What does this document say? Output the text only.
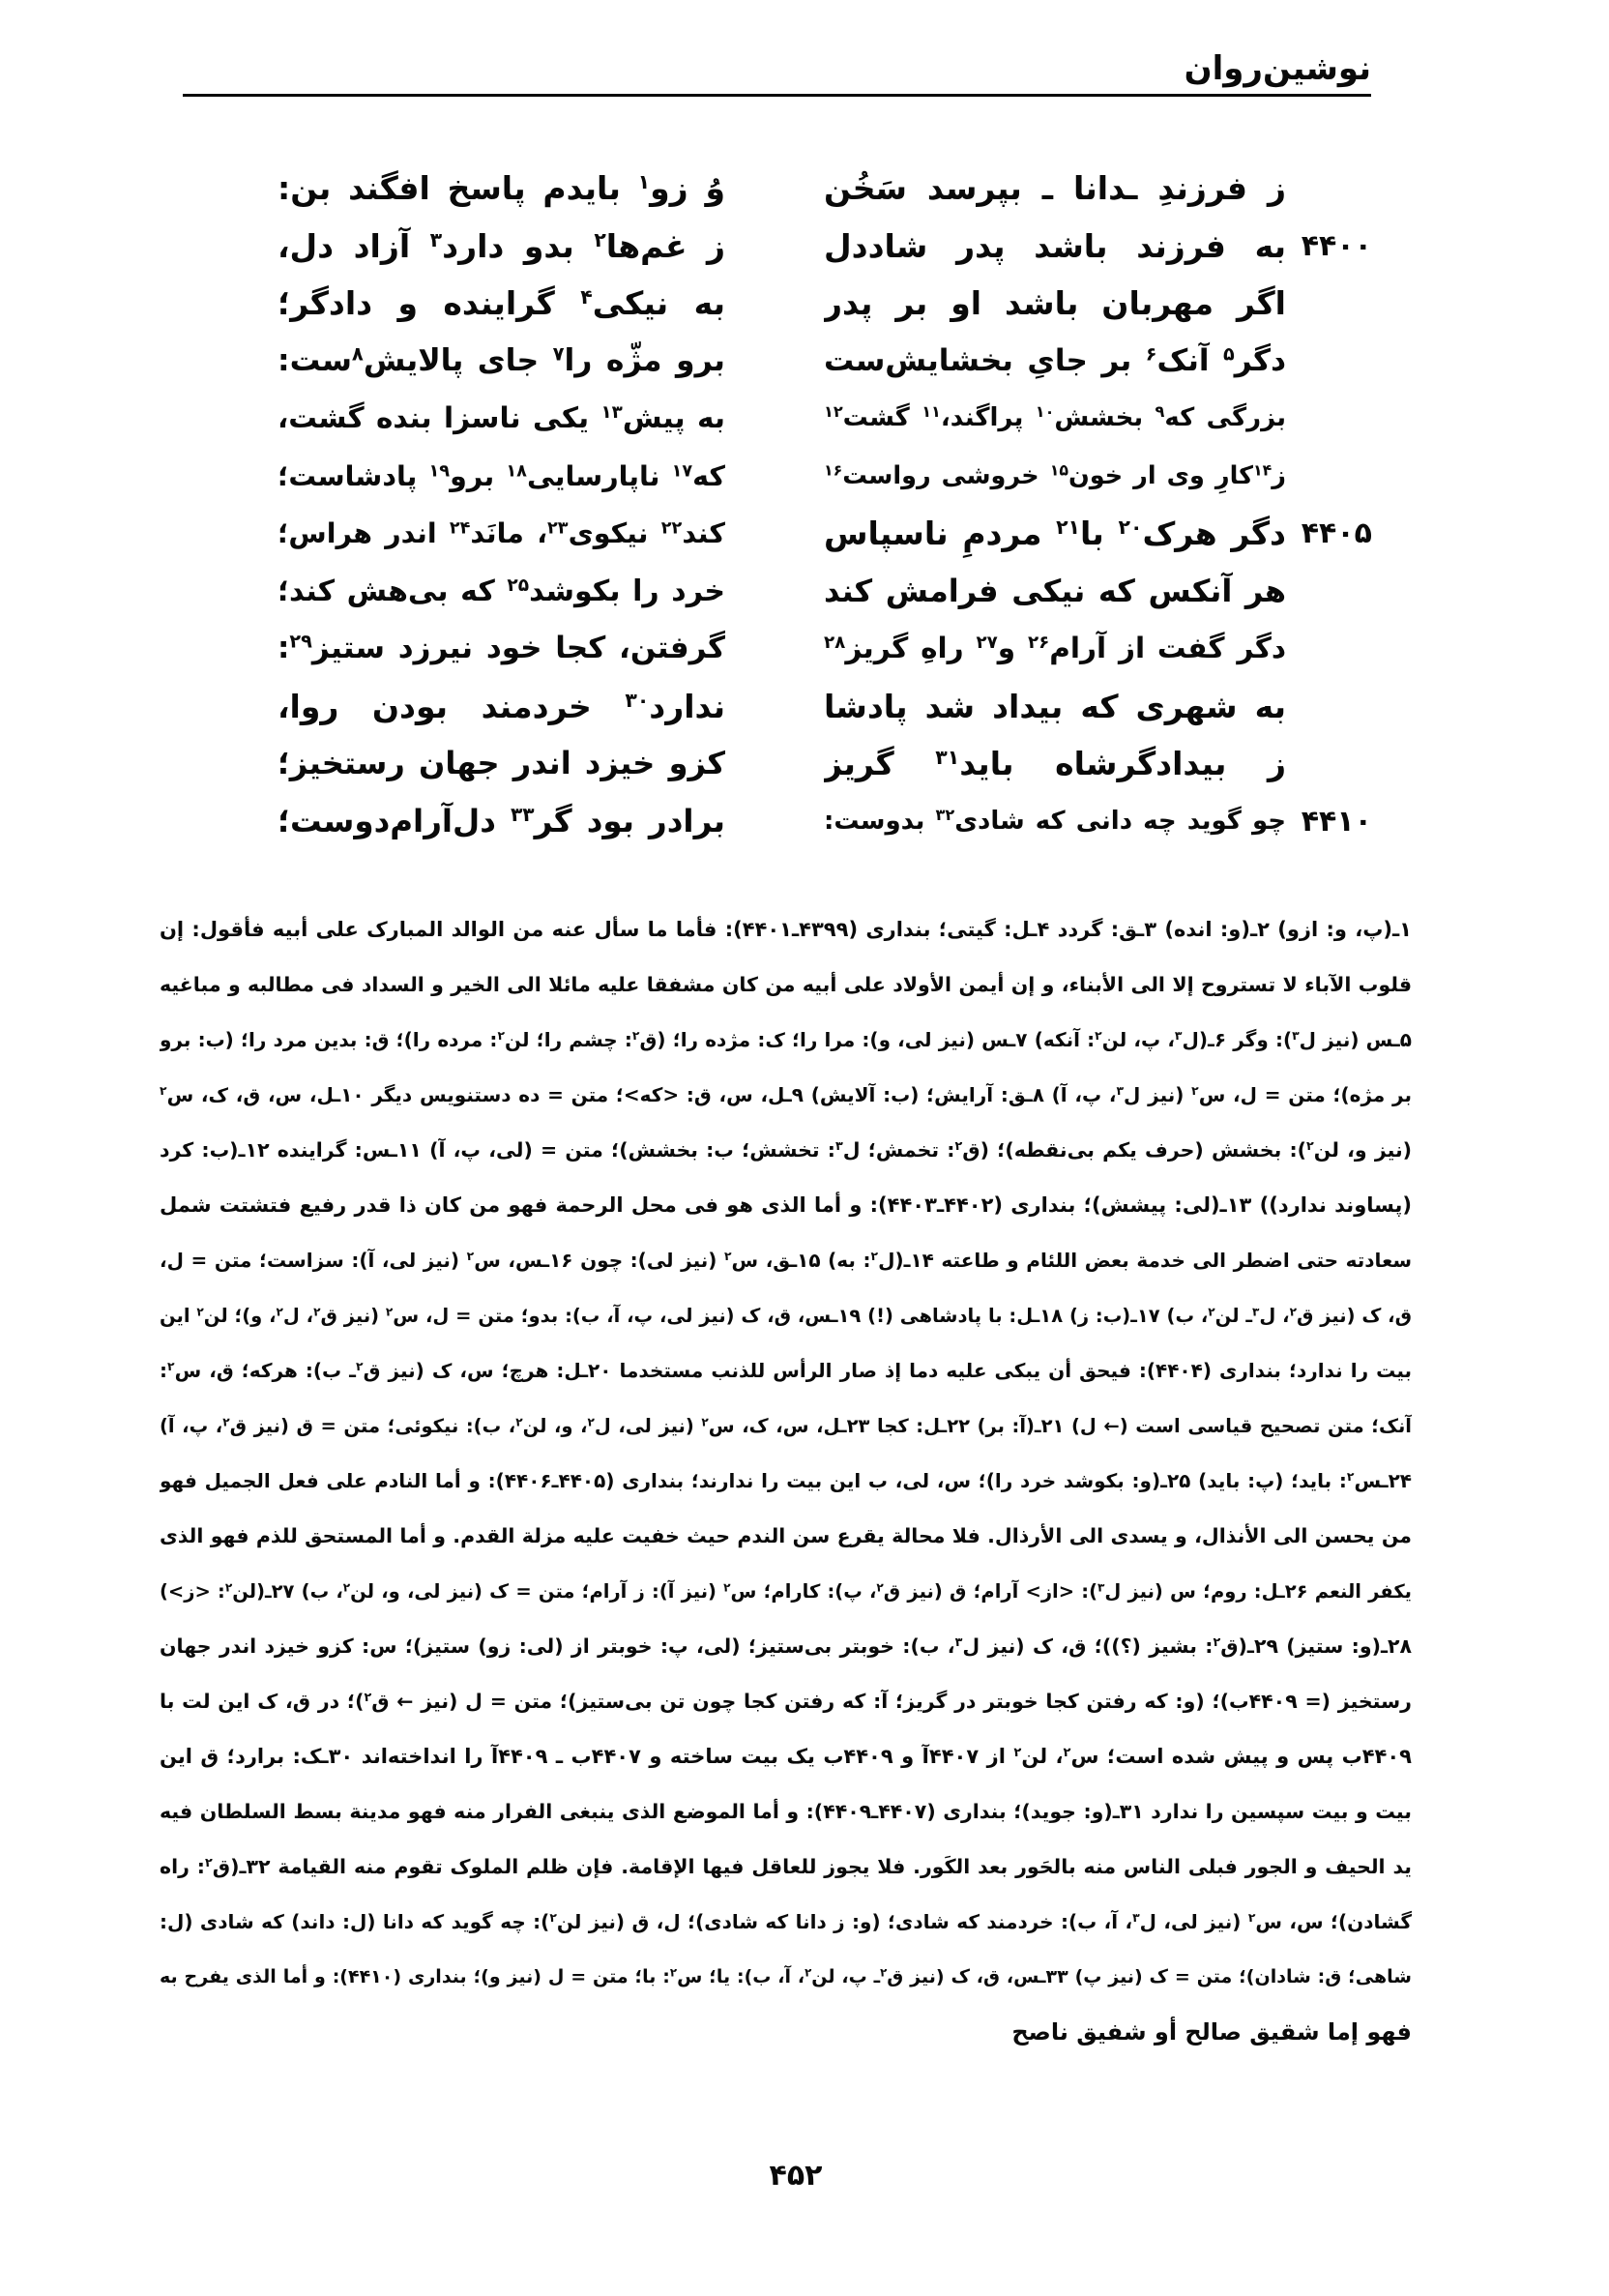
نوشین‌روان
ز فرزندِ ـدانا ـ بپرسد سَخُن
وُ زو$^۱$ بایدم پاسخ افگند بن:
۴۴۰۰
به فرزند باشد پدر شاددل
ز غم‌ها$^۲$ بدو دارد$^۳$ آزاد دل،
اگر مهربان باشد او بر پدر
به نیکی$^۴$ گراینده و دادگر؛
دگر$^۵$ آنک$^۶$ بر جایِ بخشایش‌ست
برو مژّه را$^۷$ جای پالایش$^۸$ست:
بزرگی که$^۹$ بخشش$^{۱۰}$ پراگند،$^{۱۱}$ گشت$^{۱۲}$
به پیش$^{۱۳}$ یکی ناسزا بنده گشت،
ز$^{۱۴}$کارِ وی ار خون$^{۱۵}$ خروشی رواست$^{۱۶}$
که$^{۱۷}$ ناپارسایی$^{۱۸}$ برو$^{۱۹}$ پادشاست؛
۴۴۰۵
دگر هرک$^{۲۰}$ با$^{۲۱}$ مردمِ ناسپاس
کند$^{۲۲}$ نیکوی$^{۲۳}$، مانَد$^{۲۴}$ اندر هراس؛
هر آنکس که نیکی فرامش کند
خرد را بکوشد$^{۲۵}$ که بی‌هش کند؛
دگر گفت از آرام$^{۲۶}$ و$^{۲۷}$ راهِ گریز$^{۲۸}$
گرفتن، کجا خود نیرزد ستیز$^{۲۹}$:
به شهری که بیداد شد پادشا
ندارد$^{۳۰}$ خردمند بودن روا،
ز بیدادگرشاه باید$^{۳۱}$ گریز
کزو خیزد اندر جهان رستخیز؛
۴۴۱۰
چو گوید چه دانی که شادی$^{۳۲}$ بدوست:
برادر بود گر$^{۳۳}$ دل‌آرام‌دوست؛
۱ـ(پ، و: ازو) ۲ـ(و: انده) ۳ـق: گردد ۴ـل: گیتی؛ بنداری (۴۳۹۹ـ۴۴۰۱): فأما ما سأل عنه من الوالد المبارک علی أبیه فأقول: إن
قلوب الآباء لا تستروح إلا الی الأبناء، و إن أیمن الأولاد علی أبیه من کان مشفقا علیه مائلا الی الخیر و السداد فی مطالبه و مباغیه
۵ـس (نیز ل$^۳$): وگر ۶ـ(ل$^۳$، پ، لن$^۲$: آنکه) ۷ـس (نیز لی، و): مرا را؛ ک: مژده را؛ (ق$^۲$: چشم را؛ لن$^۲$: مرده را)؛ ق: بدین مرد را؛ (ب: برو
بر مژه)؛ متن = ل، س$^۲$ (نیز ل$^۳$، پ، آ) ۸ـق: آرایش؛ (ب: آلایش) ۹ـل، س، ق: <که>؛ متن = ده دستنویس دیگر ۱۰ـل، س، ق، ک، س$^۲$
(نیز و، لن$^۲$): بخشش (حرف یکم بی‌نقطه)؛ (ق$^۲$: تخمش؛ ل$^۳$: تخشش؛ ب: بخشش)؛ متن = (لی، پ، آ) ۱۱ـس: گراینده ۱۲ـ(ب: کرد
(پساوند ندارد)) ۱۳ـ(لی: پیشش)؛ بنداری (۴۴۰۲ـ۴۴۰۳): و أما الذی هو فی محل الرحمة فهو من کان ذا قدر رفیع فتشتت شمل
سعادته حتی اضطر الی خدمة بعض اللئام و طاعته ۱۴ـ(ل$^۲$: به) ۱۵ـق، س$^۲$ (نیز لی): چون ۱۶ـس، س$^۲$ (نیز لی، آ): سزاست؛ متن = ل،
ق، ک (نیز ق$^۲$، ل$^۳$ـ لن$^۲$، ب) ۱۷ـ(ب: ز) ۱۸ـل: با پادشاهی (!) ۱۹ـس، ق، ک (نیز لی، پ، آ، ب): بدو؛ متن = ل، س$^۲$ (نیز ق$^۲$، ل$^۲$، و)؛ لن$^۲$ این
بیت را ندارد؛ بنداری (۴۴۰۴): فیحق أن یبکی علیه دما إذ صار الرأس للذنب مستخدما ۲۰ـل: هرچ؛ س، ک (نیز ق$^۲$ـ ب): هرکه؛ ق، س$^۲$:
آنک؛ متن تصحیح قیاسی است (← ل) ۲۱ـ(آ: بر) ۲۲ـل: کجا ۲۳ـل، س، ک، س$^۲$ (نیز لی، ل$^۲$، و، لن$^۲$، ب): نیکوئی؛ متن = ق (نیز ق$^۲$، پ، آ)
۲۴ـس$^۲$: باید؛ (پ: باید) ۲۵ـ(و: بکوشد خرد را)؛ س، لی، ب این بیت را ندارند؛ بنداری (۴۴۰۵ـ۴۴۰۶): و أما النادم علی فعل الجمیل فهو
من یحسن الی الأنذال، و یسدی الی الأرذال. فلا محالة یقرع سن الندم حیث خفیت علیه مزلة القدم. و أما المستحق للذم فهو الذی
یکفر النعم ۲۶ـل: روم؛ س (نیز ل$^۳$): <از> آرام؛ ق (نیز ق$^۲$، پ): کارام؛ س$^۲$ (نیز آ): ز آرام؛ متن = ک (نیز لی، و، لن$^۲$، ب) ۲۷ـ(لن$^۲$: <ز>)
۲۸ـ(و: ستیز) ۲۹ـ(ق$^۲$: بشیز (؟))؛ ق، ک (نیز ل$^۳$، ب): خوبتر بی‌ستیز؛ (لی، پ: خوبتر از (لی: زو) ستیز)؛ س: کزو خیزد اندر جهان
رستخیز (= ۴۴۰۹ب)؛ (و: که رفتن کجا خوبتر در گریز؛ آ: که رفتن کجا چون تن بی‌ستیز)؛ متن = ل (نیز ← ق$^۲$)؛ در ق، ک این لت با
۴۴۰۹ب پس و پیش شده است؛ س$^۲$، لن$^۲$ از ۴۴۰۷آ و ۴۴۰۹ب یک بیت ساخته و ۴۴۰۷ب ـ ۴۴۰۹آ را انداخته‌اند ۳۰ـک: برارد؛ ق این
بیت و بیت سپسین را ندارد ۳۱ـ(و: جوید)؛ بنداری (۴۴۰۷ـ۴۴۰۹): و أما الموضع الذی ینبغی الفرار منه فهو مدینة بسط السلطان فیه
ید الحیف و الجور فبلی الناس منه بالحَور بعد الکَور. فلا یجوز للعاقل فیها الإقامة. فإن ظلم الملوک تقوم منه القیامة ۳۲ـ(ق$^۲$: راه
گشادن)؛ س، س$^۲$ (نیز لی، ل$^۳$، آ، ب): خردمند که شادی؛ (و: ز دانا که شادی)؛ ل، ق (نیز لن$^۲$): چه گوید که دانا (ل: داند) که شادی (ل:
شاهی؛ ق: شادان)؛ متن = ک (نیز پ) ۳۳ـس، ق، ک (نیز ق$^۲$ـ پ، لن$^۲$، آ، ب): یا؛ س$^۲$: با؛ متن = ل (نیز و)؛ بنداری (۴۴۱۰): و أما الذی یفرح به
فهو إما شقیق صالح أو شفیق ناصح
۴۵۲
